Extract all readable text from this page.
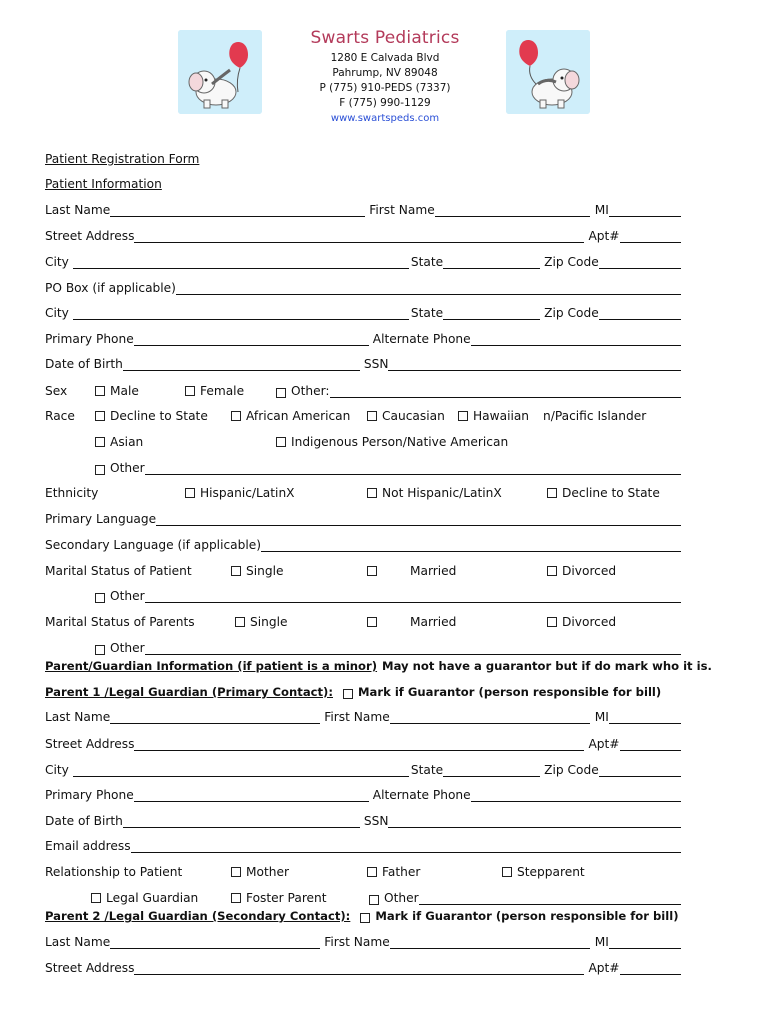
Swarts Pediatrics
1280 E Calvada Blvd
Pahrump, NV 89048
P (775) 910-PEDS (7337)
F (775) 990-1129
www.swartspeds.com
Patient Registration Form
Patient Information
Last Name	First Name	MI
Street Address	Apt#
City	State	Zip Code
PO Box (if applicable)
City	State	Zip Code
Primary Phone	Alternate Phone
Date of Birth	SSN
Sex	Male	Female	Other:
Race	Decline to State	African American	Caucasian	Hawaiian n/Pacific Islander
Asian	Indigenous Person/Native American
Other
Ethnicity	Hispanic/LatinX	Not Hispanic/LatinX	Decline to State
Primary Language
Secondary Language (if applicable)
Marital Status of Patient	Single	Married	Divorced
Other
Marital Status of Parents	Single	Married	Divorced
Other
Parent/Guardian Information (if patient is a minor) May not have a guarantor but if do mark who it is.
Parent 1 /Legal Guardian (Primary Contact): Mark if Guarantor (person responsible for bill)
Last Name	First Name	MI
Street Address	Apt#
City	State	Zip Code
Primary Phone	Alternate Phone
Date of Birth	SSN
Email address
Relationship to Patient	Mother	Father	Stepparent
Legal Guardian	Foster Parent	Other
Parent 2 /Legal Guardian (Secondary Contact): Mark if Guarantor (person responsible for bill)
Last Name	First Name	MI
Street Address	Apt#
